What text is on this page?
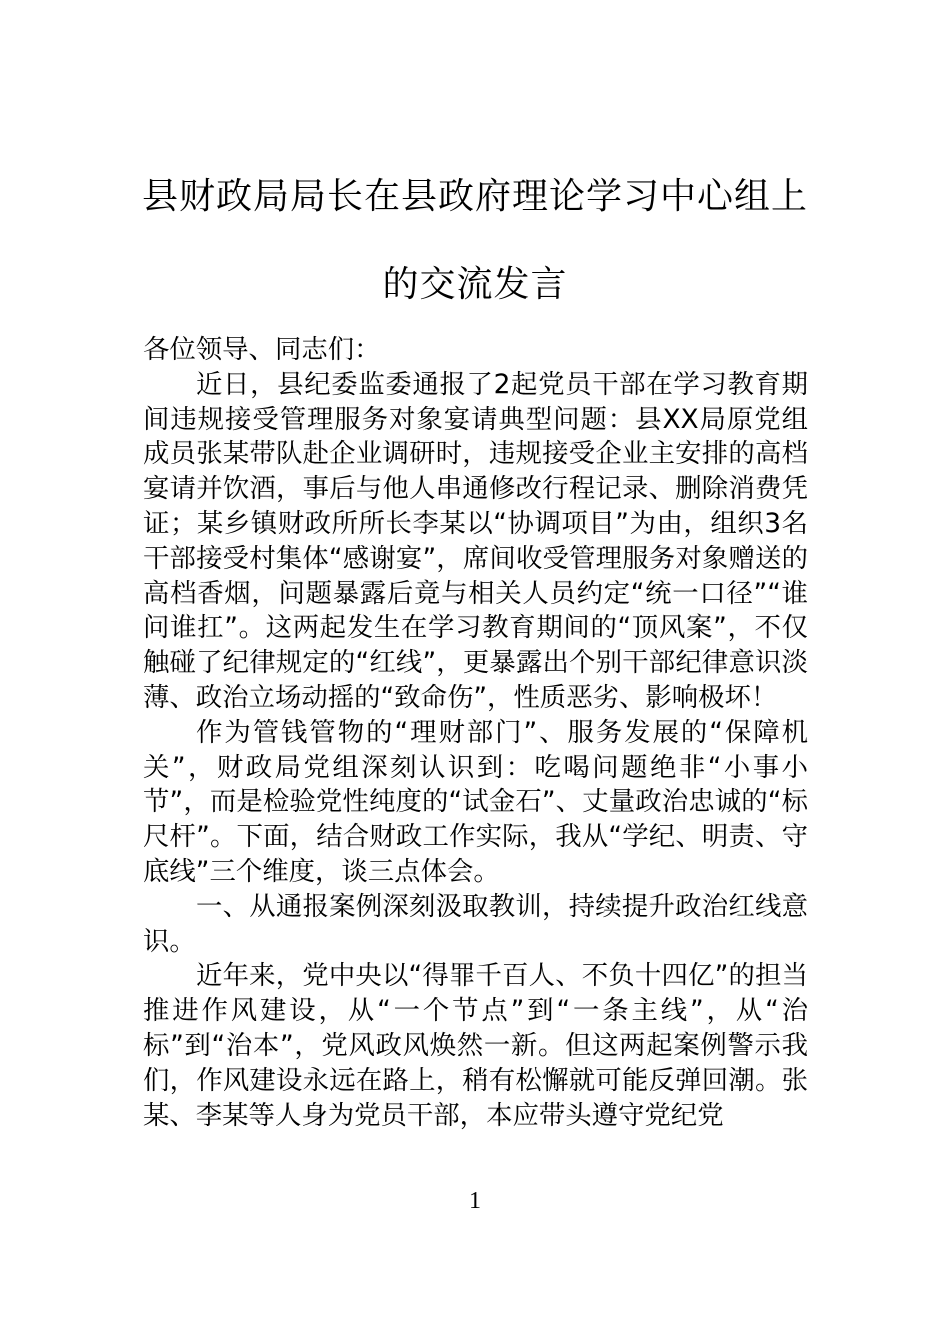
县财政局局长在县政府理论学习中心组上
的交流发言

各位领导、同志们：

近日，县纪委监委通报了2起党员干部在学习教育期间违规接受管理服务对象宴请典型问题：县XX局原党组成员张某带队赴企业调研时，违规接受企业主安排的高档宴请并饮酒，事后与他人串通修改行程记录、删除消费凭证；某乡镇财政所所长李某以“协调项目”为由，组织3名干部接受村集体“感谢宴”，席间收受管理服务对象赠送的高档香烟，问题暴露后竟与相关人员约定“统一口径”“谁问谁扛”。这两起发生在学习教育期间的“顶风案”，不仅触碰了纪律规定的“红线”，更暴露出个别干部纪律意识淡薄、政治立场动摇的“致命伤”，性质恶劣、影响极坏！

作为管钱管物的“理财部门”、服务发展的“保障机关”，财政局党组深刻认识到：吃喝问题绝非“小事小节”，而是检验党性纯度的“试金石”、丈量政治忠诚的“标尺杆”。下面，结合财政工作实际，我从“学纪、明责、守底线”三个维度，谈三点体会。

一、从通报案例深刻汲取教训，持续提升政治红线意识。

近年来，党中央以“得罪千百人、不负十四亿”的担当推进作风建设，从“一个节点”到“一条主线”，从“治标”到“治本”，党风政风焕然一新。但这两起案例警示我们，作风建设永远在路上，稍有松懈就可能反弹回潮。张某、李某等人身为党员干部，本应带头遵守党纪党

1
